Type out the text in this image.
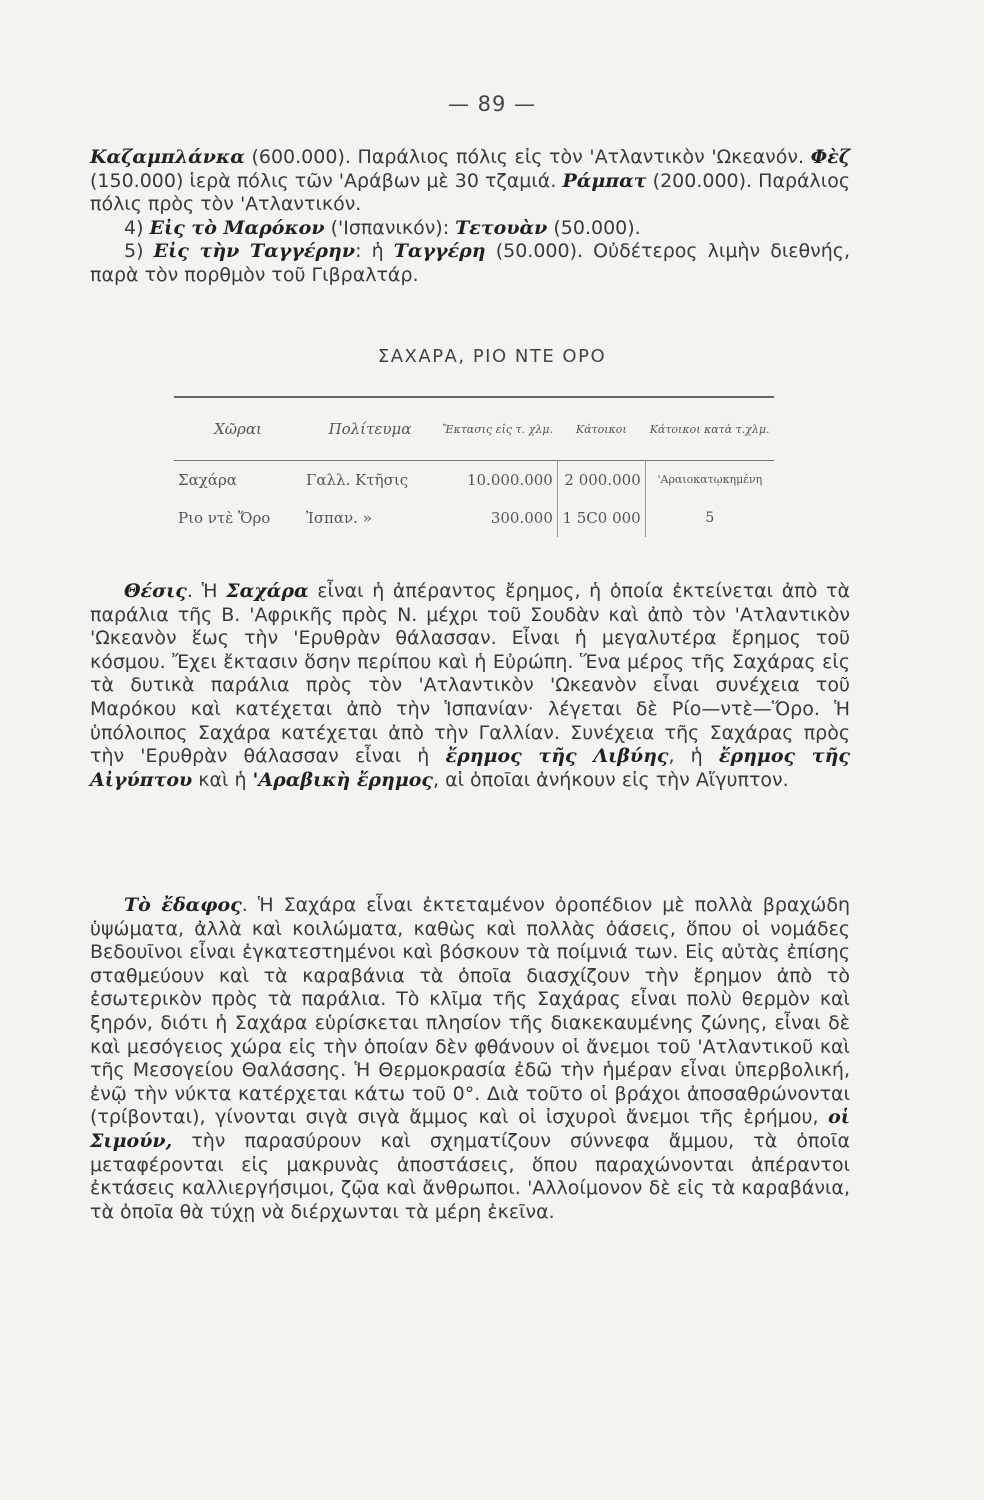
— 89 —

Καζαμπλάνκα (600.000). Παράλιος πόλις εἰς τὸν 'Ατλαντικὸν 'Ωκεανόν. Φὲζ (150.000) ἱερὰ πόλις τῶν 'Αράβων μὲ 30 τζαμιά. Ράμπατ (200.000). Παράλιος πόλις πρὸς τὸν 'Ατλαντικόν.

4) Εἰς τὸ Μαρόκον ('Ισπανικόν): Τετουὰν (50.000).

5) Εἰς τὴν Ταγγέρην: ἡ Ταγγέρη (50.000). Οὐδέτερος λιμὴν διεθνής, παρὰ τὸν πορθμὸν τοῦ Γιβραλτάρ.

ΣΑΧΑΡΑ, ΡΙΟ ΝΤΕ ΟΡΟ
Χῶραι	Πολίτευμα	Ἔκτασις εἰς τ. χλμ.	Κάτοικοι	Κάτοικοι κατὰ τ.χλμ.
Σαχάρα	Γαλλ. Κτῆσις	10.000.000	2 000.000	'Αραιοκατῳκημένη
Ριο ντὲ Ὅρο	Ἰσπαν. »	300.000	1 5C0 000	5

Θέσις. Ἡ Σαχάρα εἶναι ἡ ἀπέραντος ἔρημος, ἡ ὁποία ἐκτείνεται ἀπὸ τὰ παράλια τῆς Β. 'Αφρικῆς πρὸς Ν. μέχρι τοῦ Σουδὰν καὶ ἀπὸ τὸν 'Ατλαντικὸν 'Ωκεανὸν ἕως τὴν 'Ερυθρὰν θάλασσαν. Εἶναι ἡ μεγαλυτέρα ἔρημος τοῦ κόσμου. Ἔχει ἔκτασιν ὅσην περίπου καὶ ἡ Εὐρώπη. Ἕνα μέρος τῆς Σαχάρας εἰς τὰ δυτικὰ παράλια πρὸς τὸν 'Ατλαντικὸν 'Ωκεανὸν εἶναι συνέχεια τοῦ Μαρόκου καὶ κατέχεται ἀπὸ τὴν Ἱσπανίαν· λέγεται δὲ Ρίο—ντὲ—Ὅρο. Ἡ ὑπόλοιπος Σαχάρα κατέχεται ἀπὸ τὴν Γαλλίαν. Συνέχεια τῆς Σαχάρας πρὸς τὴν 'Ερυθρὰν θάλασσαν εἶναι ἡ ἔρημος τῆς Λιβύης, ἡ ἔρημος τῆς Αἰγύπτου καὶ ἡ 'Αραβικὴ ἔρημος, αἱ ὁποῖαι ἀνήκουν εἰς τὴν Αἴγυπτον.

Τὸ ἔδαφος. Ἡ Σαχάρα εἶναι ἐκτεταμένον ὀροπέδιον μὲ πολλὰ βραχώδη ὑψώματα, ἀλλὰ καὶ κοιλώματα, καθὼς καὶ πολλὰς ὀάσεις, ὅπου οἱ νομάδες Βεδουῖνοι εἶναι ἐγκατεστημένοι καὶ βόσκουν τὰ ποίμνιά των. Εἰς αὐτὰς ἐπίσης σταθμεύουν καὶ τὰ καραβάνια τὰ ὁποῖα διασχίζουν τὴν ἔρημον ἀπὸ τὸ ἐσωτερικὸν πρὸς τὰ παράλια. Τὸ κλῖμα τῆς Σαχάρας εἶναι πολὺ θερμὸν καὶ ξηρόν, διότι ἡ Σαχάρα εὑρίσκεται πλησίον τῆς διακεκαυμένης ζώνης, εἶναι δὲ καὶ μεσόγειος χώρα εἰς τὴν ὁποίαν δὲν φθάνουν οἱ ἄνεμοι τοῦ 'Ατλαντικοῦ καὶ τῆς Μεσογείου Θαλάσσης. Ἡ Θερμοκρασία ἐδῶ τὴν ἡμέραν εἶναι ὑπερβολική, ἐνῷ τὴν νύκτα κατέρχεται κάτω τοῦ 0°. Διὰ τοῦτο οἱ βράχοι ἀποσαθρώνονται (τρίβονται), γίνονται σιγὰ σιγὰ ἄμμος καὶ οἱ ἰσχυροὶ ἄνεμοι τῆς ἐρήμου, οἱ Σιμούν, τὴν παρασύρουν καὶ σχηματίζουν σύννεφα ἄμμου, τὰ ὁποῖα μεταφέρονται εἰς μακρυνὰς ἀποστάσεις, ὅπου παραχώνονται ἀπέραντοι ἐκτάσεις καλλιεργήσιμοι, ζῷα καὶ ἄνθρωποι. 'Αλλοίμονον δὲ εἰς τὰ καραβάνια, τὰ ὁποῖα θὰ τύχῃ νὰ διέρχωνται τὰ μέρη ἐκεῖνα.
